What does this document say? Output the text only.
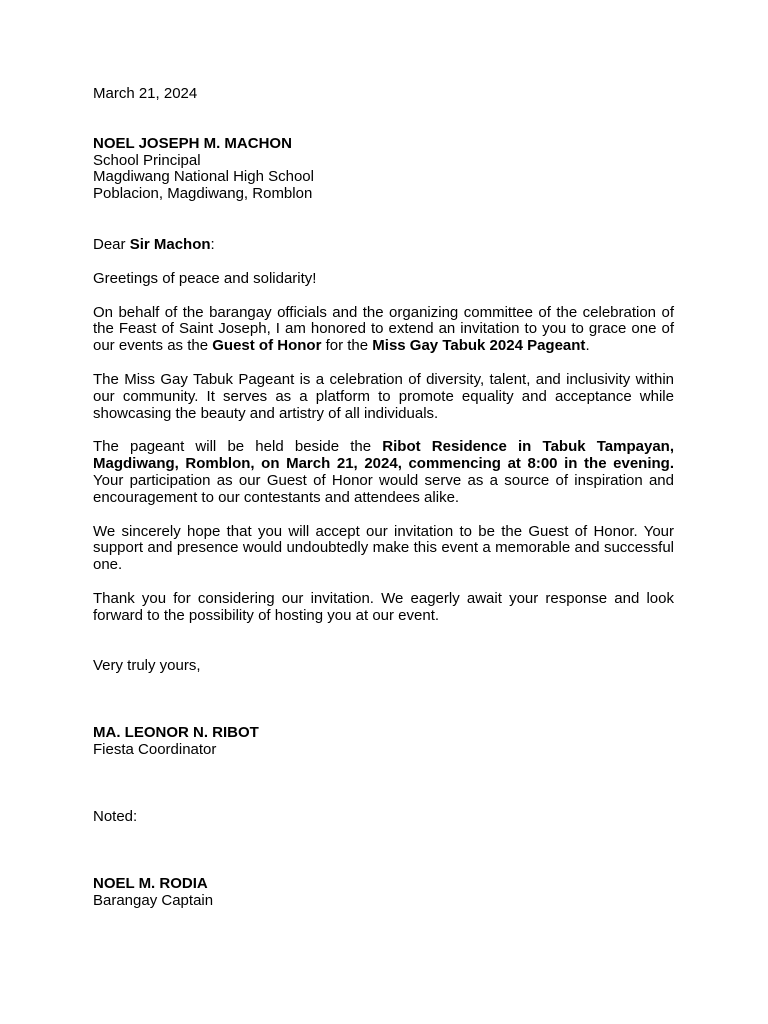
March 21, 2024
NOEL JOSEPH M. MACHON
School Principal
Magdiwang National High School
Poblacion, Magdiwang, Romblon
Dear Sir Machon:
Greetings of peace and solidarity!

On behalf of the barangay officials and the organizing committee of the celebration of the Feast of Saint Joseph, I am honored to extend an invitation to you to grace one of our events as the Guest of Honor for the Miss Gay Tabuk 2024 Pageant.

The Miss Gay Tabuk Pageant is a celebration of diversity, talent, and inclusivity within our community. It serves as a platform to promote equality and acceptance while showcasing the beauty and artistry of all individuals.

The pageant will be held beside the Ribot Residence in Tabuk Tampayan, Magdiwang, Romblon, on March 21, 2024, commencing at 8:00 in the evening. Your participation as our Guest of Honor would serve as a source of inspiration and encouragement to our contestants and attendees alike.

We sincerely hope that you will accept our invitation to be the Guest of Honor. Your support and presence would undoubtedly make this event a memorable and successful one.

Thank you for considering our invitation. We eagerly await your response and look forward to the possibility of hosting you at our event.

Very truly yours,
MA. LEONOR N. RIBOT
Fiesta Coordinator
Noted:
NOEL M. RODIA
Barangay Captain
